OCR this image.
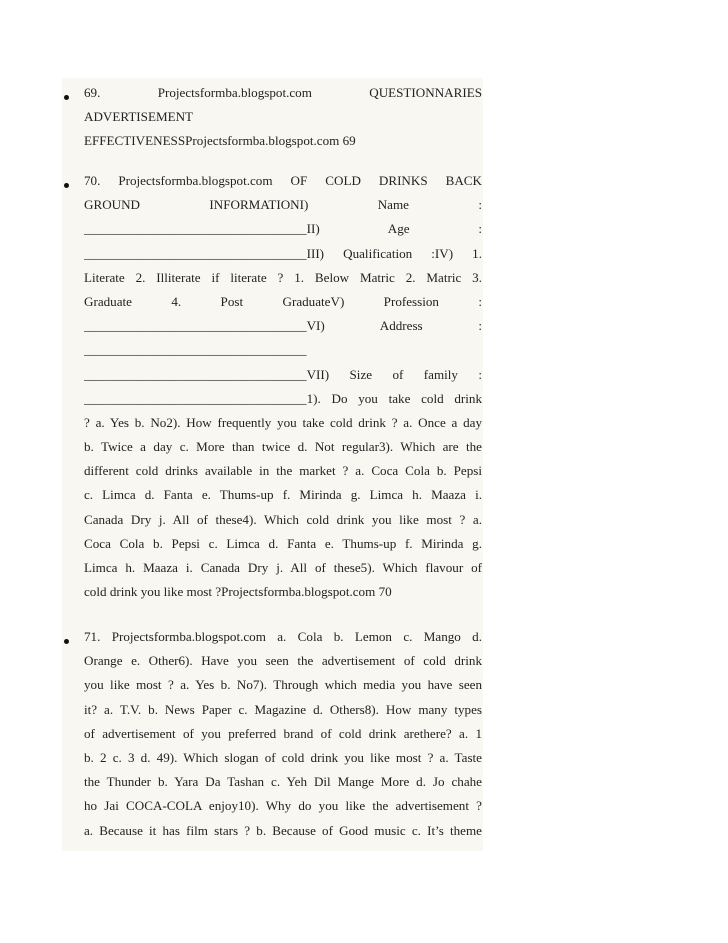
69. Projectsformba.blogspot.com QUESTIONNARIES
ADVERTISEMENT
EFFECTIVENESSProjectsformba.blogspot.com 69
70. Projectsformba.blogspot.com OF COLD DRINKS BACK
GROUND INFORMATIONI) Name :
__________________________________II) Age :
__________________________________III) Qualification :IV) 1.
Literate 2. Illiterate if literate ? 1. Below Matric 2. Matric 3.
Graduate 4. Post GraduateV) Profession :
__________________________________VI) Address :
__________________________________
__________________________________VII) Size of family :
__________________________________1). Do you take cold drink
? a. Yes b. No2). How frequently you take cold drink ? a. Once a day
b. Twice a day c. More than twice d. Not regular3). Which are the
different cold drinks available in the market ? a. Coca Cola b. Pepsi
c. Limca d. Fanta e. Thums-up f. Mirinda g. Limca h. Maaza i.
Canada Dry j. All of these4). Which cold drink you like most ? a.
Coca Cola b. Pepsi c. Limca d. Fanta e. Thums-up f. Mirinda g.
Limca h. Maaza i. Canada Dry j. All of these5). Which flavour of
cold drink you like most ?Projectsformba.blogspot.com 70
71. Projectsformba.blogspot.com a. Cola b. Lemon c. Mango d.
Orange e. Other6). Have you seen the advertisement of cold drink
you like most ? a. Yes b. No7). Through which media you have seen
it? a. T.V. b. News Paper c. Magazine d. Others8). How many types
of advertisement of you preferred brand of cold drink arethere? a. 1
b. 2 c. 3 d. 49). Which slogan of cold drink you like most ? a. Taste
the Thunder b. Yara Da Tashan c. Yeh Dil Mange More d. Jo chahe
ho Jai COCA-COLA enjoy10). Why do you like the advertisement ?
a. Because it has film stars ? b. Because of Good music c. It’s theme
